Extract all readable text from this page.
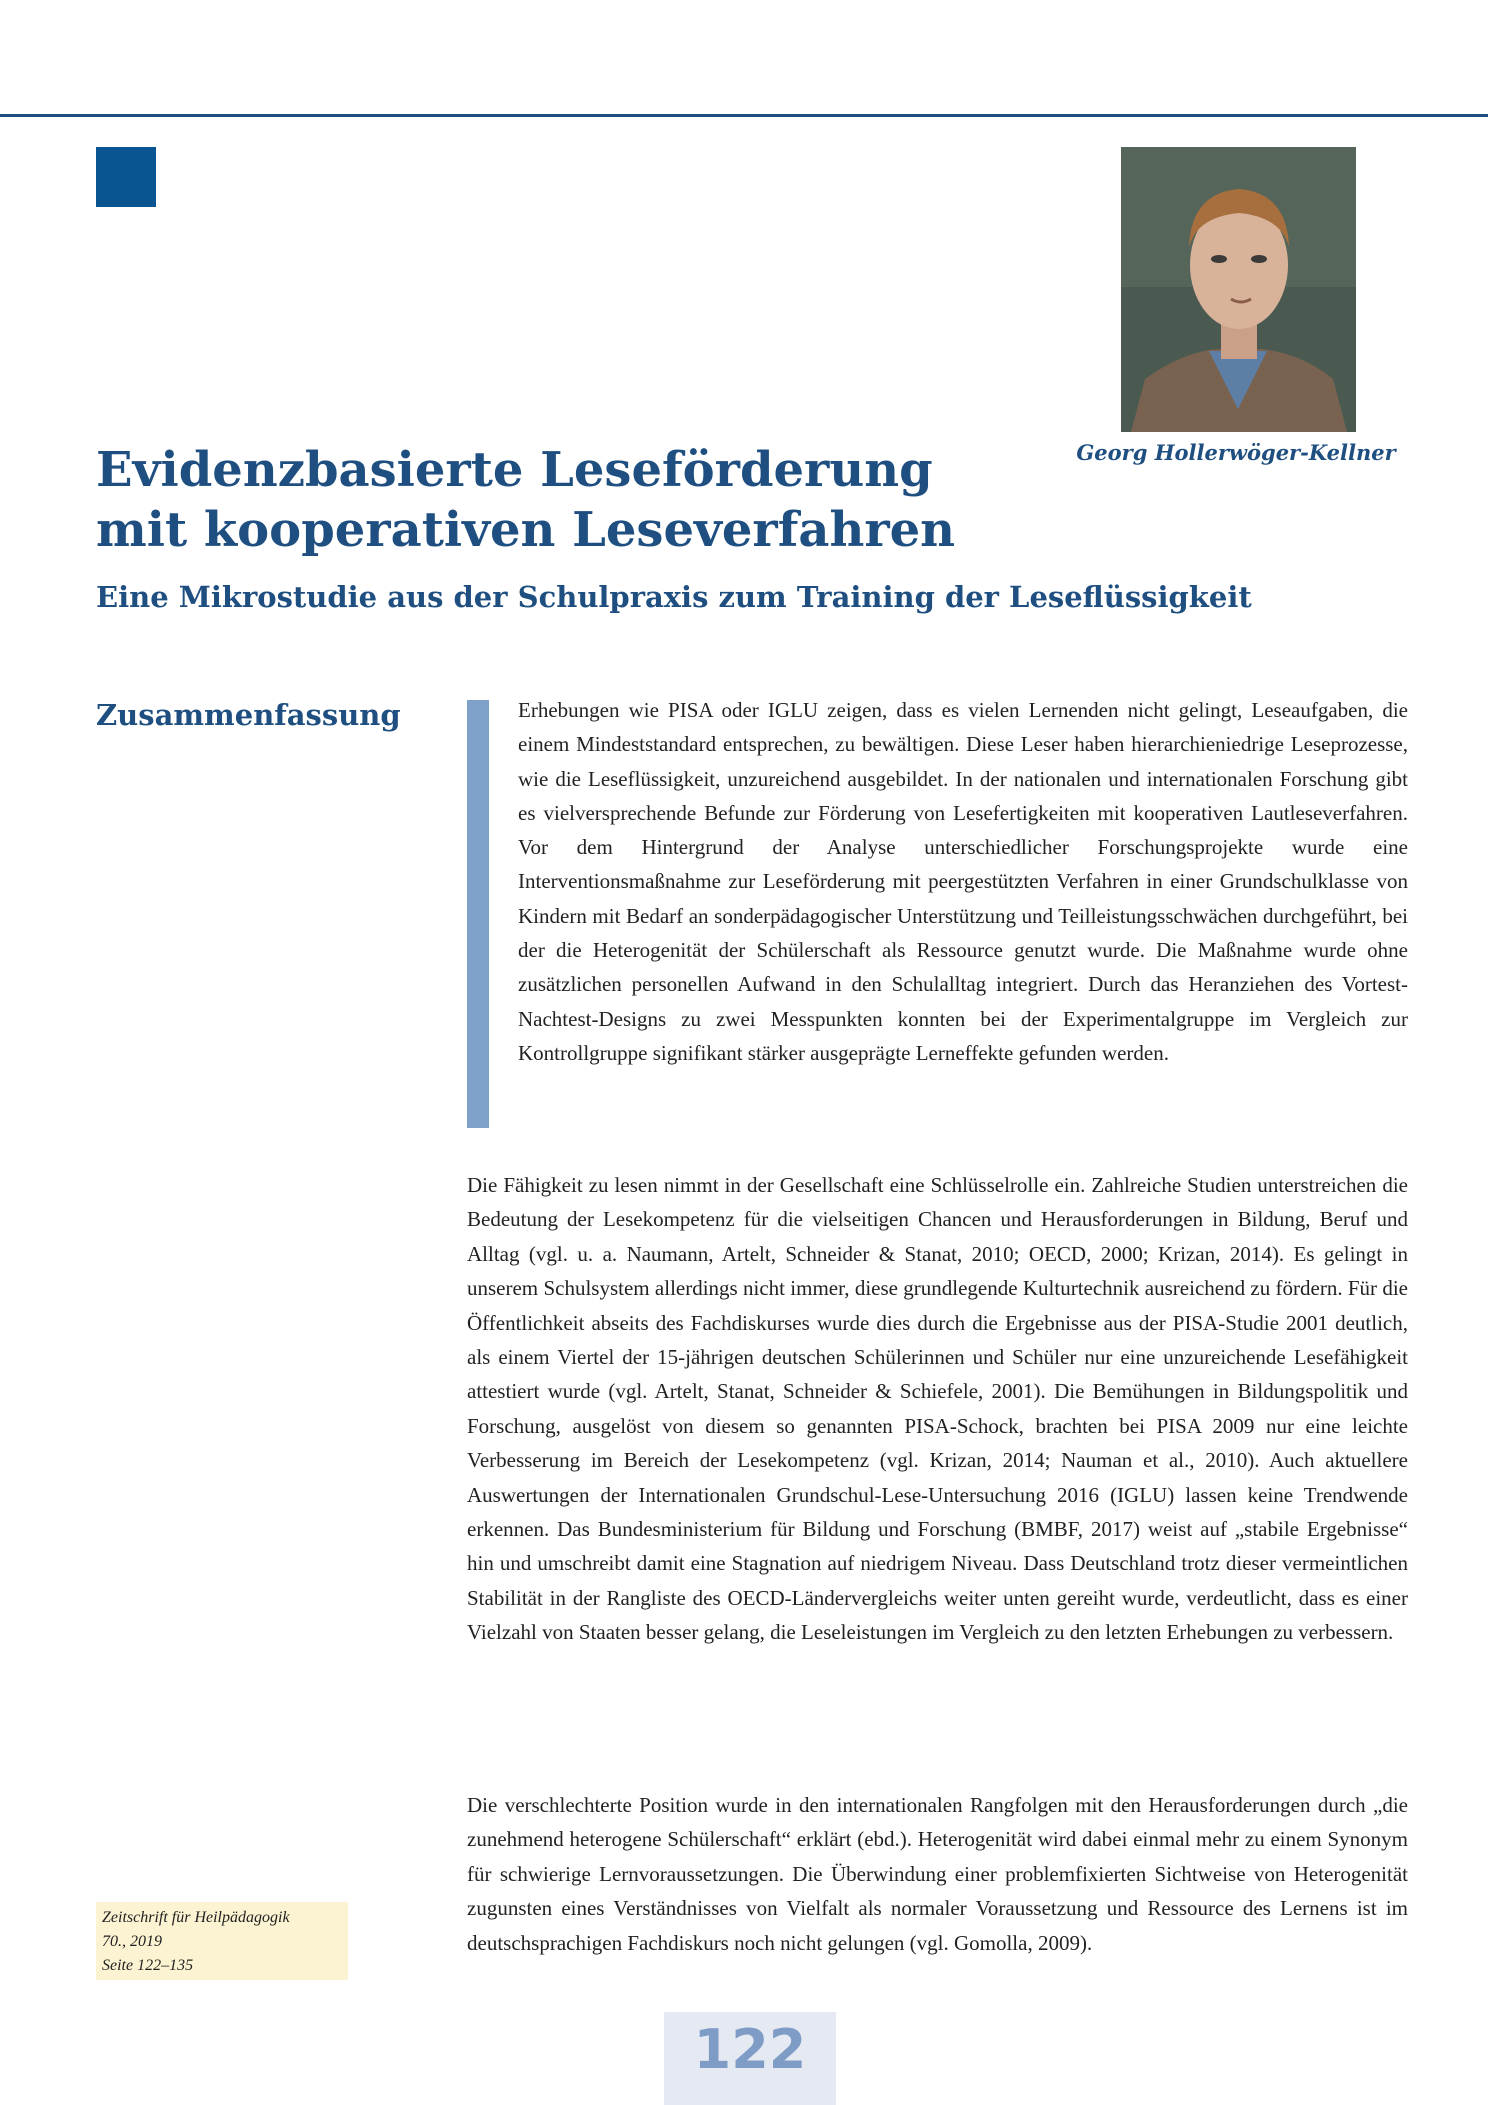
Georg Hollerwöger-Kellner
Evidenzbasierte Leseförderung
mit kooperativen Leseverfahren
Eine Mikrostudie aus der Schulpraxis zum Training der Leseflüssigkeit
Zusammenfassung	Erhebungen wie PISA oder IGLU zeigen, dass es vielen Lernenden nicht gelingt, Leseaufgaben, die einem Mindeststandard entsprechen, zu bewältigen. Diese Leser haben hierarchieniedrige Leseprozesse, wie die Leseflüssigkeit, unzureichend ausgebildet. In der nationalen und internationalen Forschung gibt es vielversprechende Befunde zur Förderung von Lesefertigkeiten mit kooperativen Lautleseverfahren. Vor dem Hintergrund der Analyse unterschiedlicher Forschungsprojekte wurde eine Interventionsmaßnahme zur Leseförderung mit peergestützten Verfahren in einer Grundschulklasse von Kindern mit Bedarf an sonderpädagogischer Unterstützung und Teilleistungsschwächen durchgeführt, bei der die Heterogenität der Schülerschaft als Ressource genutzt wurde. Die Maßnahme wurde ohne zusätzlichen personellen Aufwand in den Schulalltag integriert. Durch das Heranziehen des Vortest-Nachtest-Designs zu zwei Messpunkten konnten bei der Experimentalgruppe im Vergleich zur Kontrollgruppe signifikant stärker ausgeprägte Lerneffekte gefunden werden.

Die Fähigkeit zu lesen nimmt in der Gesellschaft eine Schlüsselrolle ein. Zahlreiche Studien unterstreichen die Bedeutung der Lesekompetenz für die vielseitigen Chancen und Herausforderungen in Bildung, Beruf und Alltag (vgl. u. a. Naumann, Artelt, Schneider & Stanat, 2010; OECD, 2000; Krizan, 2014). Es gelingt in unserem Schulsystem allerdings nicht immer, diese grundlegende Kulturtechnik ausreichend zu fördern. Für die Öffentlichkeit abseits des Fachdiskurses wurde dies durch die Ergebnisse aus der PISA-Studie 2001 deutlich, als einem Viertel der 15-jährigen deutschen Schülerinnen und Schüler nur eine unzureichende Lesefähigkeit attestiert wurde (vgl. Artelt, Stanat, Schneider & Schiefele, 2001). Die Bemühungen in Bildungspolitik und Forschung, ausgelöst von diesem so genannten PISA-Schock, brachten bei PISA 2009 nur eine leichte Verbesserung im Bereich der Lesekompetenz (vgl. Krizan, 2014; Nauman et al., 2010). Auch aktuellere Auswertungen der Internationalen Grundschul-Lese-Untersuchung 2016 (IGLU) lassen keine Trendwende erkennen. Das Bundesministerium für Bildung und Forschung (BMBF, 2017) weist auf „stabile Ergebnisse“ hin und umschreibt damit eine Stagnation auf niedrigem Niveau. Dass Deutschland trotz dieser vermeintlichen Stabilität in der Rangliste des OECD-Ländervergleichs weiter unten gereiht wurde, verdeutlicht, dass es einer Vielzahl von Staaten besser gelang, die Leseleistungen im Vergleich zu den letzten Erhebungen zu verbessern.

Die verschlechterte Position wurde in den internationalen Rangfolgen mit den Herausforderungen durch „die zunehmend heterogene Schülerschaft“ erklärt (ebd.). Heterogenität wird dabei einmal mehr zu einem Synonym für schwierige Lernvoraussetzungen. Die Überwindung einer problemfixierten Sichtweise von Heterogenität zugunsten eines Verständnisses von Vielfalt als normaler Voraussetzung und Ressource des Lernens ist im deutschsprachigen Fachdiskurs noch nicht gelungen (vgl. Gomolla, 2009).

Zeitschrift für Heilpädagogik
70., 2019
Seite 122–135
122
